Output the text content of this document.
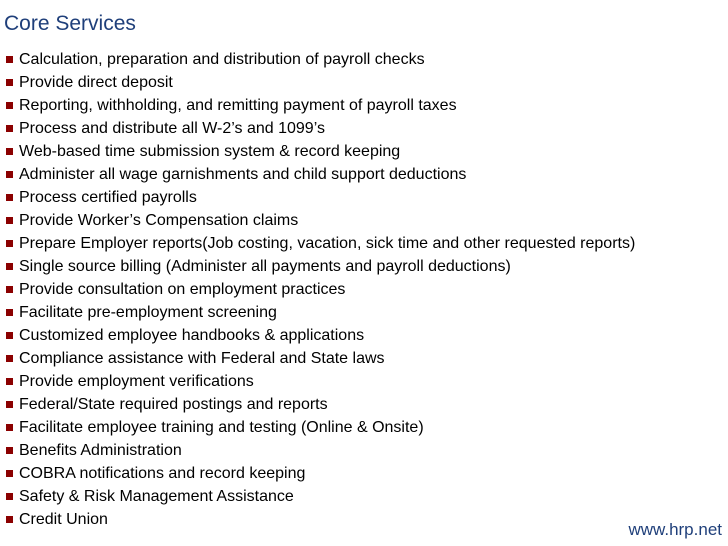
Core Services
Calculation, preparation and distribution of payroll checks
Provide direct deposit
Reporting, withholding, and remitting payment of payroll taxes
Process and distribute all W-2’s and 1099’s
Web-based time submission system & record keeping
Administer all wage garnishments and child support deductions
Process certified payrolls
Provide Worker’s Compensation claims
Prepare Employer reports(Job costing, vacation, sick time and other requested reports)
Single source billing (Administer all payments and payroll deductions)
Provide consultation on employment practices
Facilitate pre-employment screening
Customized employee handbooks & applications
Compliance assistance with Federal and State laws
Provide employment verifications
Federal/State required postings and reports
Facilitate employee training and testing (Online & Onsite)
Benefits Administration
COBRA notifications and record keeping
Safety & Risk Management Assistance
Credit Union
www.hrp.net
